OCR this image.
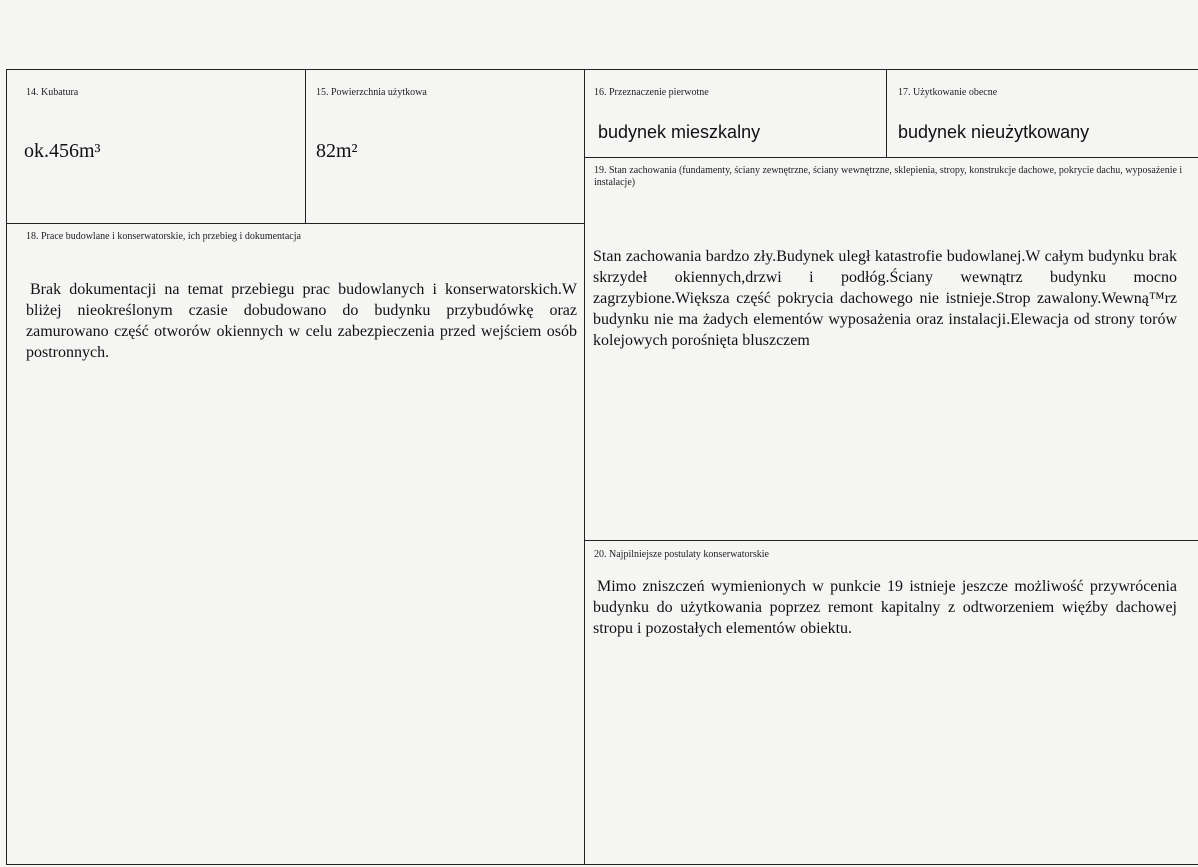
14. Kubatura
ok.456m³
15. Powierzchnia użytkowa
82m²
16. Przeznaczenie pierwotne
budynek mieszkalny
17. Użytkowanie obecne
budynek nieużytkowany
18. Prace budowlane i konserwatorskie, ich przebieg i dokumentacja
Brak dokumentacji na temat przebiegu prac budowlanych i konserwatorskich.W bliżej nieokreślonym czasie dobudowano do budynku przybudówkę oraz zamurowano część otworów okiennych w celu zabezpieczenia przed wejściem osób postronnych.
19. Stan zachowania (fundamenty, ściany zewnętrzne, ściany wewnętrzne, sklepienia, stropy, konstrukcje dachowe, pokrycie dachu, wyposażenie i instalacje)
Stan zachowania bardzo zły.Budynek uległ katastrofie budowlanej.W całym budynku brak skrzydeł okiennych,drzwi i podłóg.Ściany wewnątrz budynku mocno zagrzybione.Większa część pokrycia dachowego nie istnieje.Strop zawalony.Wewną™rz budynku nie ma żadych elementów wyposażenia oraz instalacji.Elewacja od strony torów kolejowych porośnięta bluszczem
20. Najpilniejsze postulaty konserwatorskie
Mimo zniszczeń wymienionych w punkcie 19 istnieje jeszcze możliwość przywrócenia budynku do użytkowania poprzez remont kapitalny z odtworzeniem więźby dachowej stropu i pozostałych elementów obiektu.
